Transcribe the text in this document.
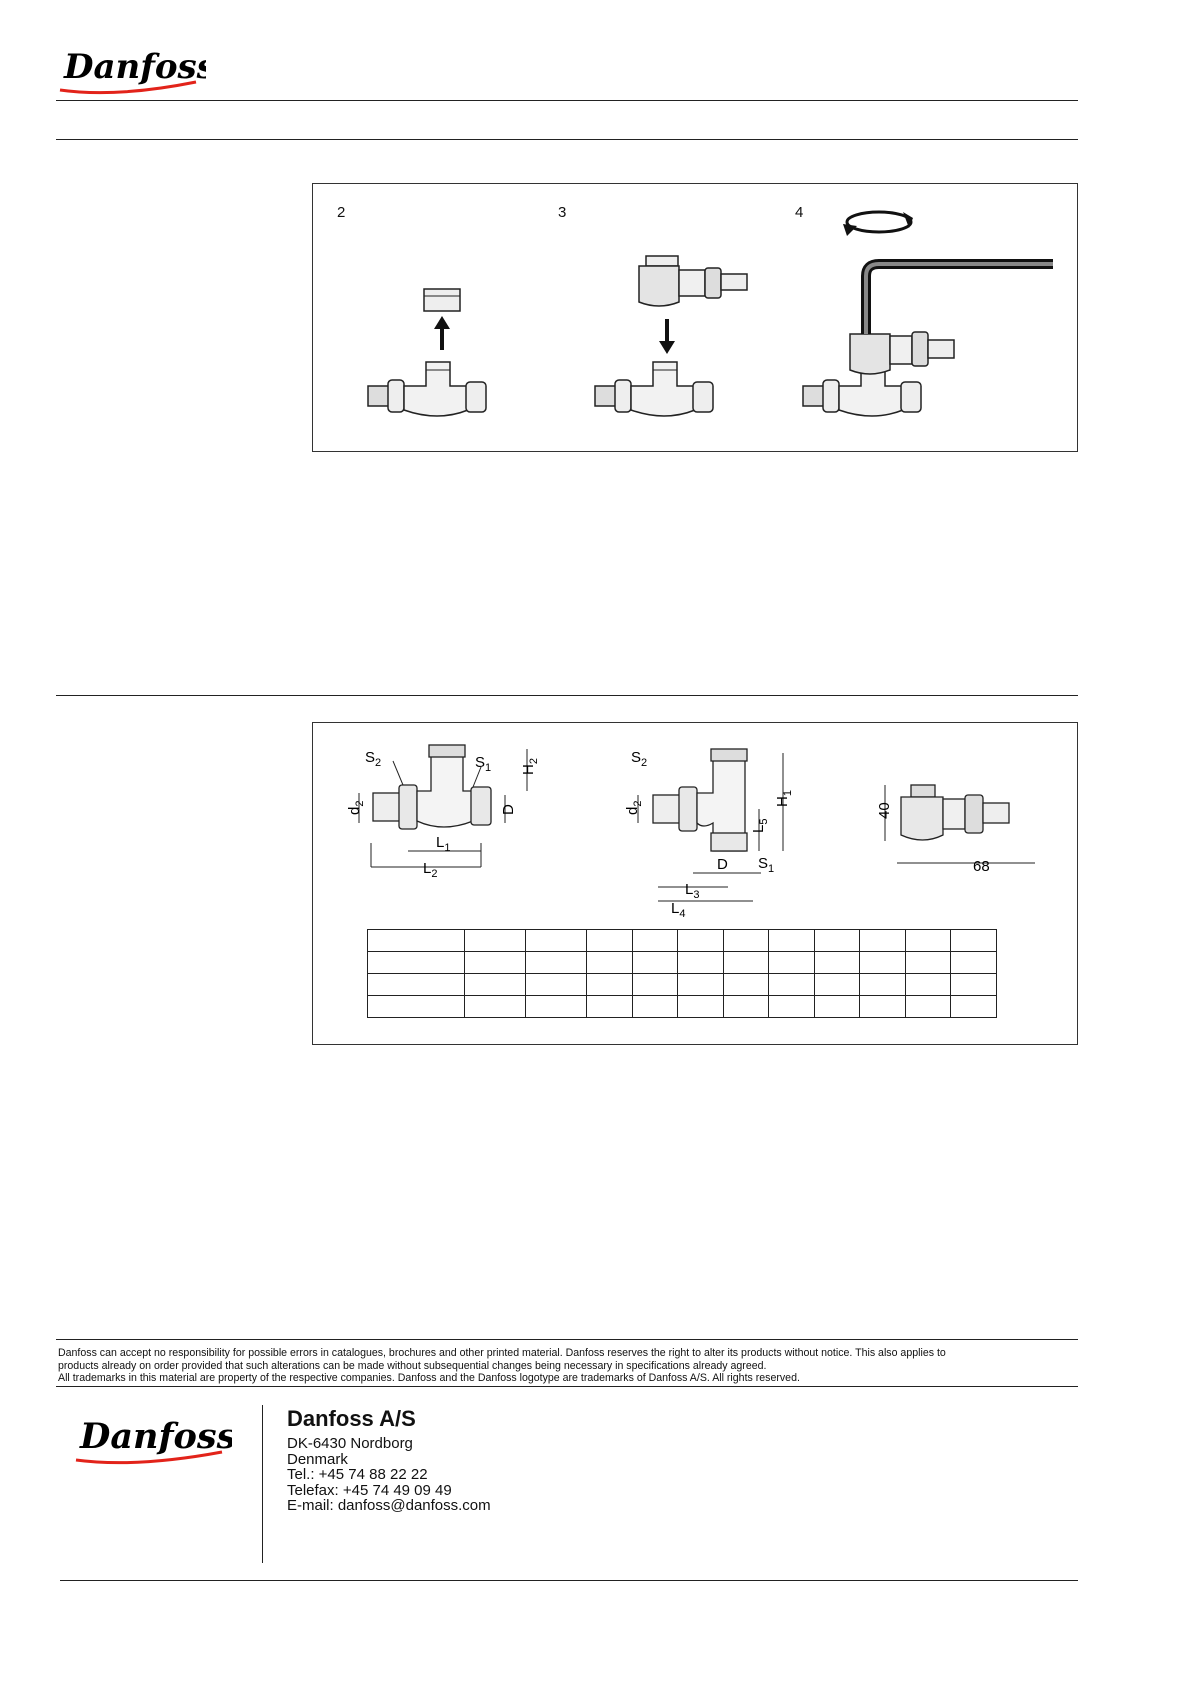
Danfoss
2	3	4
$S_2$	$S_1$
$d_2$
D
$H_2$
$L_1$
$L_2$
$S_2$
$S_1$
$d_2$
D
$H_1$
$L_5$
$L_3$
$L_4$
40
68

Danfoss can accept no responsibility for possible errors in catalogues, brochures and other printed material. Danfoss reserves the right to alter its products without notice. This also applies to
products already on order provided that such alterations can be made without subsequential changes being necessary in specifications already agreed.
All trademarks in this material are property of the respective companies. Danfoss and the Danfoss logotype are trademarks of Danfoss A/S. All rights reserved.
Danfoss Danfoss A/S
DK-6430 Nordborg
Denmark
Tel.: +45 74 88 22 22
Telefax: +45 74 49 09 49
E-mail: danfoss@danfoss.com
